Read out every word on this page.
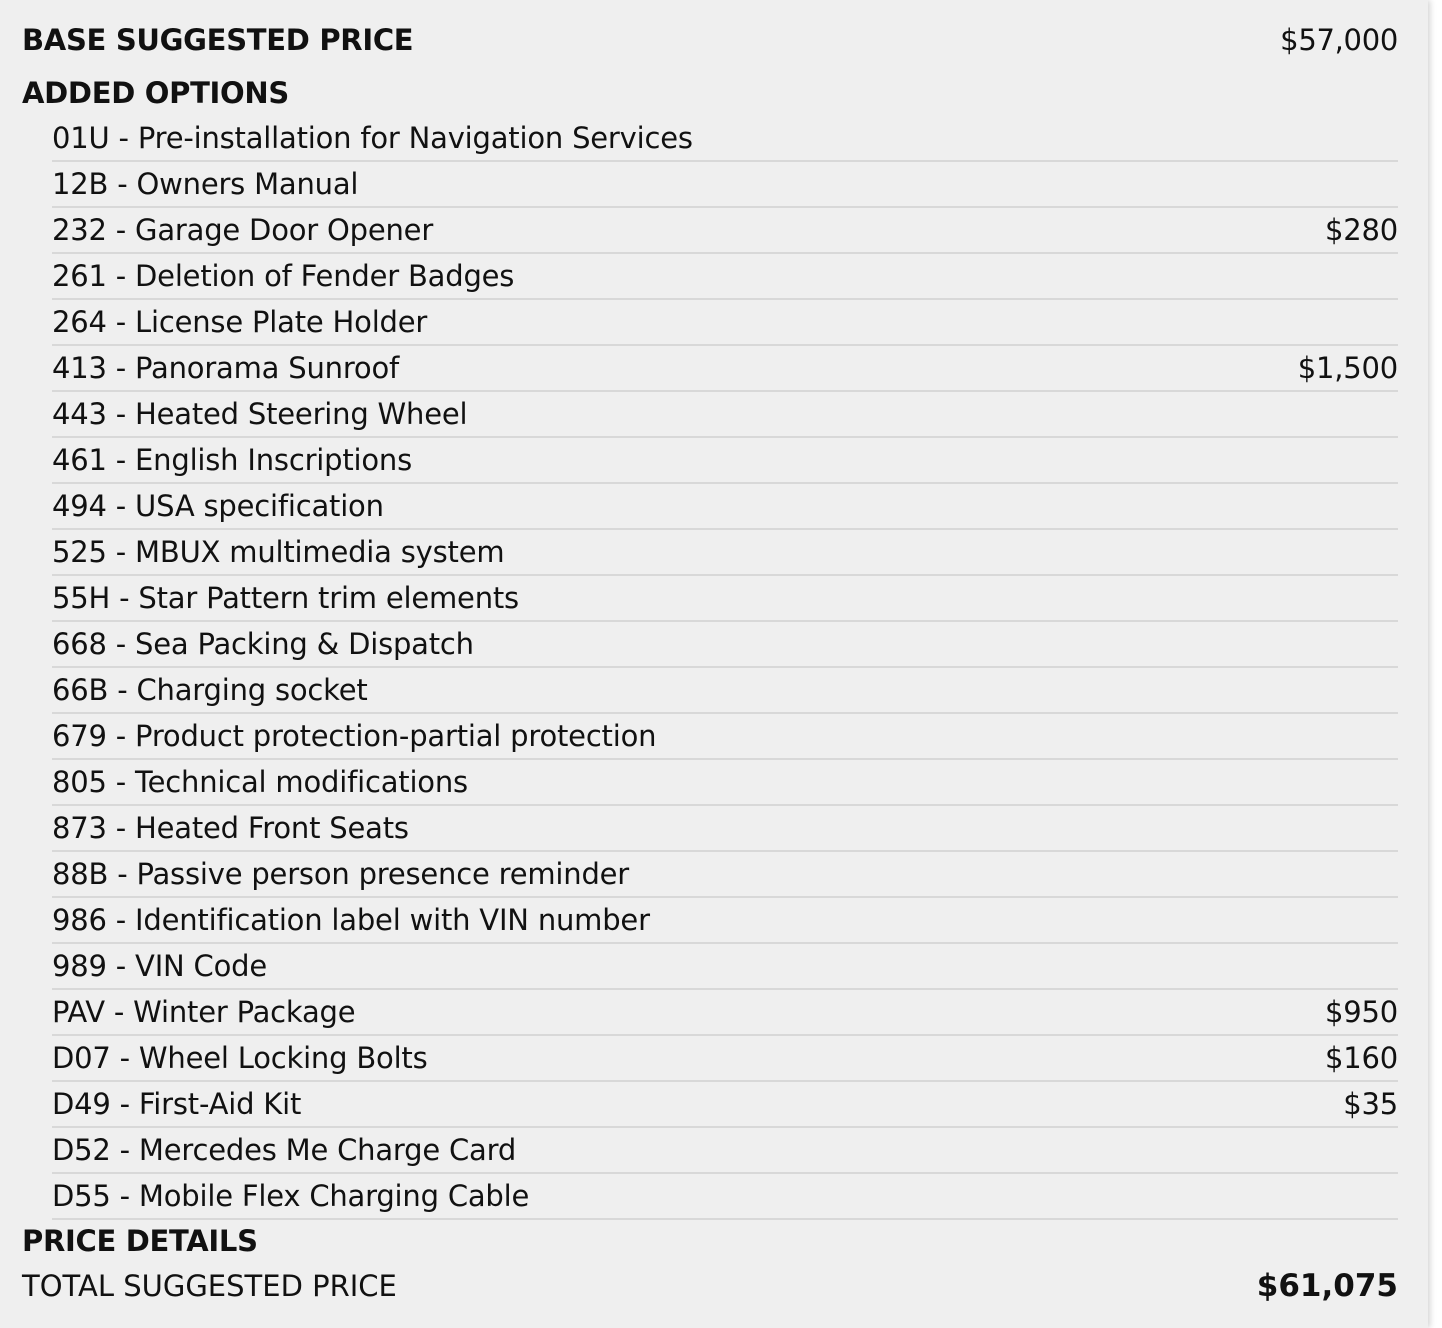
BASE SUGGESTED PRICE	$57,000
ADDED OPTIONS
01U - Pre-installation for Navigation Services
12B - Owners Manual
232 - Garage Door Opener	$280
261 - Deletion of Fender Badges
264 - License Plate Holder
413 - Panorama Sunroof	$1,500
443 - Heated Steering Wheel
461 - English Inscriptions
494 - USA specification
525 - MBUX multimedia system
55H - Star Pattern trim elements
668 - Sea Packing & Dispatch
66B - Charging socket
679 - Product protection-partial protection
805 - Technical modifications
873 - Heated Front Seats
88B - Passive person presence reminder
986 - Identification label with VIN number
989 - VIN Code
PAV - Winter Package	$950
D07 - Wheel Locking Bolts	$160
D49 - First-Aid Kit	$35
D52 - Mercedes Me Charge Card
D55 - Mobile Flex Charging Cable
PRICE DETAILS
TOTAL SUGGESTED PRICE	$61,075
